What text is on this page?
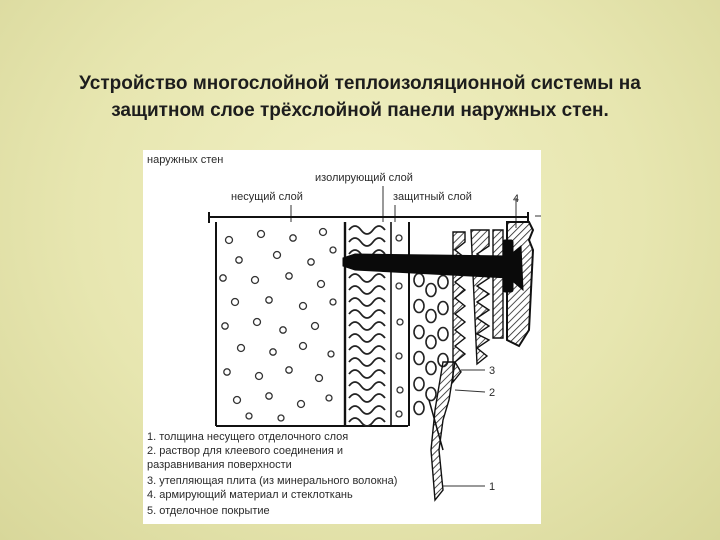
Устройство многослойной теплоизоляционной системы на
защитном слое трёхслойной панели наружных стен.
наружных стен
изолирующий слой
несущий слой	защитный слой	4
3
2
1
1. толщина несущего отделочного слоя
2. раствор для клеевого соединения и
разравнивания поверхности
3. утепляющая плита (из минерального волокна)
4. армирующий материал и стеклоткань
5. отделочное покрытие
